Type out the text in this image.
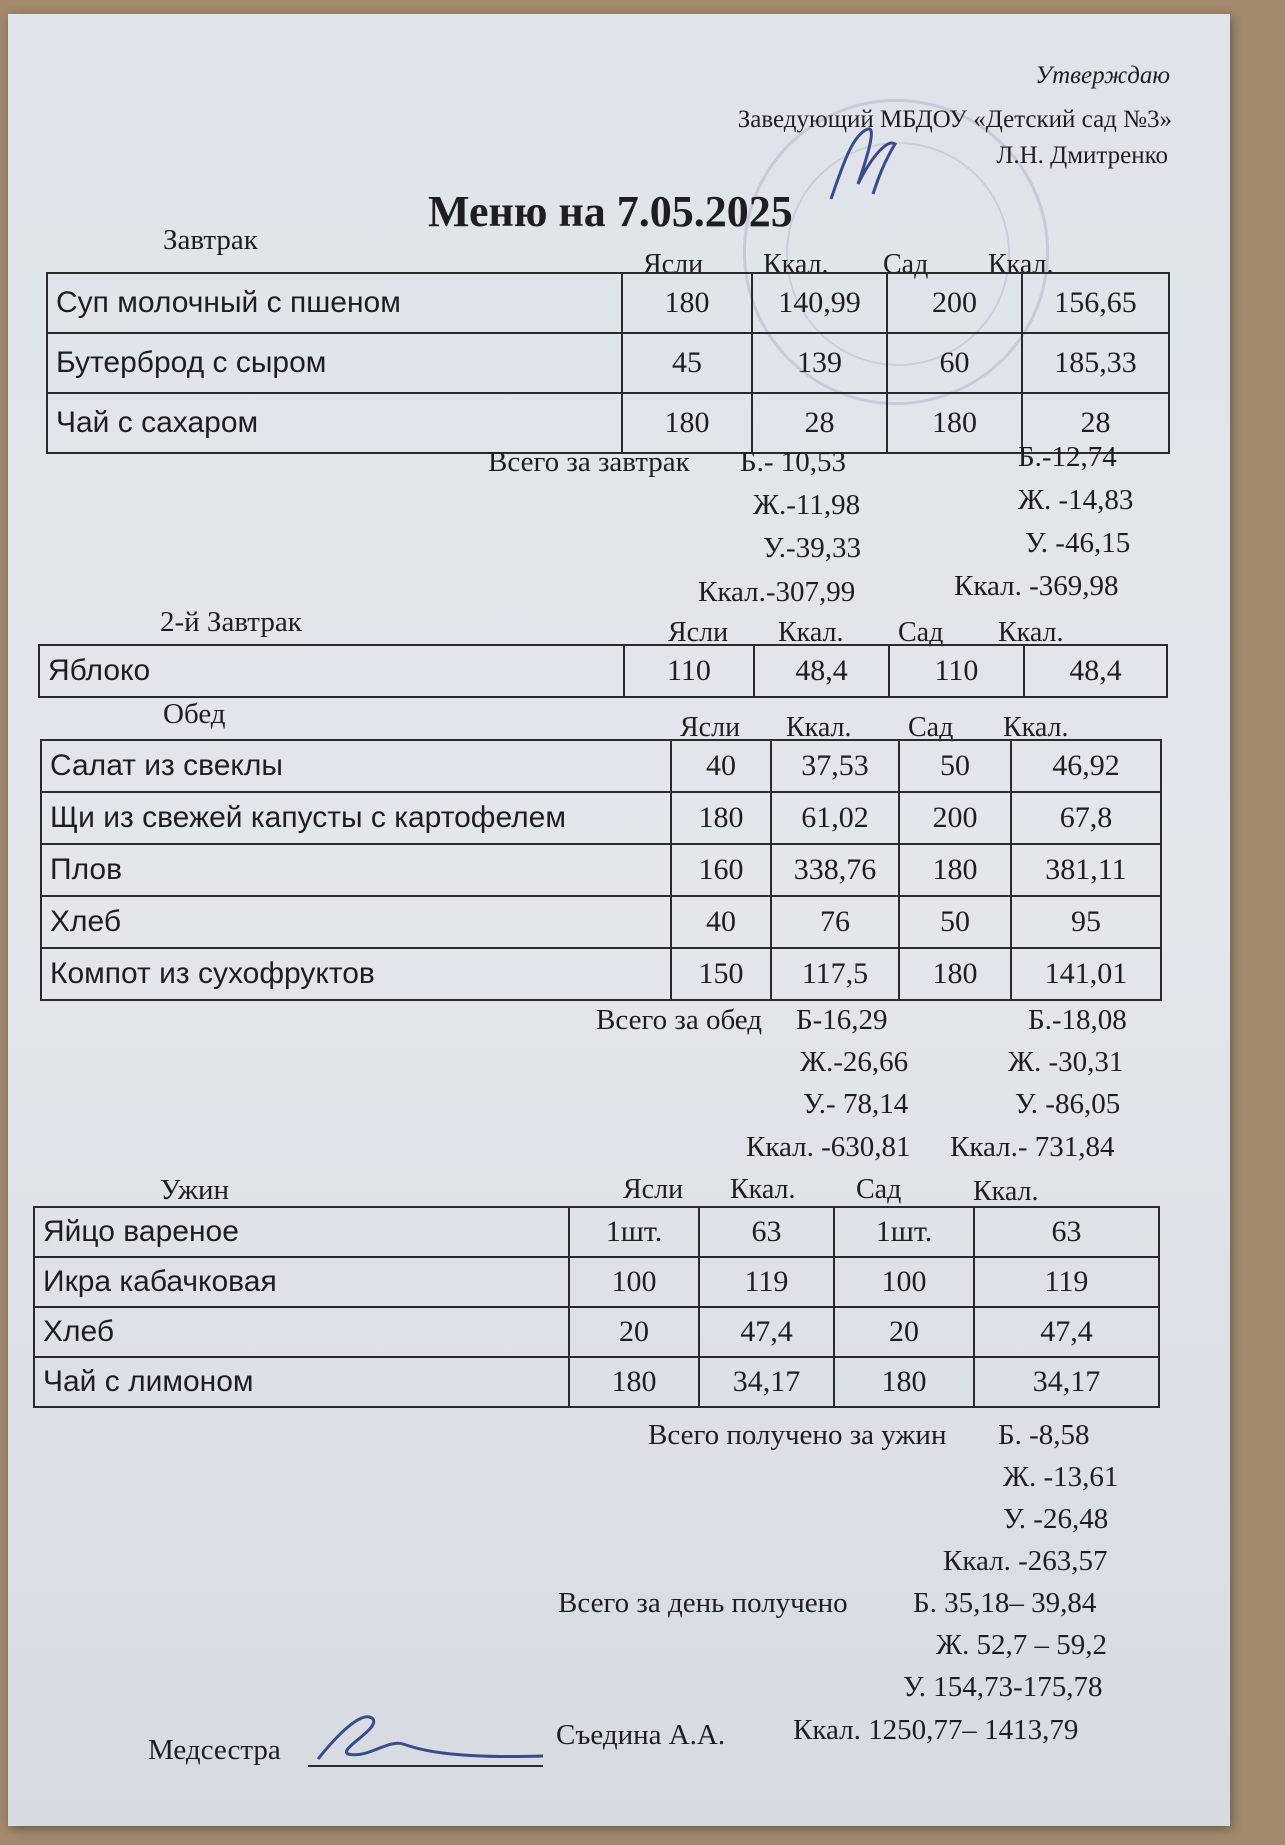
Утверждаю
Заведующий МБДОУ «Детский сад №3»
Л.Н. Дмитренко
Меню на 7.05.2025
Завтрак
Ясли Ккал. Сад Ккал.
Суп молочный с пшеном	180	140,99	200	156,65
Бутерброд с сыром	45	139	60	185,33
Чай с сахаром	180	28	180	28
Всего за завтрак Б.- 10,53	Б.-12,74
Ж.-11,98	Ж. -14,83
У.-39,33	У. -46,15
Ккал.-307,99	Ккал. -369,98
2-й Завтрак	Ясли Ккал. Сад Ккал.
Яблоко	110	48,4	110	48,4
Обед	Ясли Ккал. Сад Ккал.
Салат из свеклы	40	37,53	50	46,92
Щи из свежей капусты с картофелем	180	61,02	200	67,8
Плов	160	338,76	180	381,11
Хлеб	40	76	50	95
Компот из сухофруктов	150	117,5	180	141,01
Всего за обед Б-16,29	Б.-18,08
Ж.-26,66	Ж. -30,31
У.- 78,14	У. -86,05
Ккал. -630,81 Ккал.- 731,84
Ужин	Ясли Ккал. Сад	Ккал.
Яйцо вареное	1шт.	63	1шт.	63
Икра кабачковая	100	119	100	119
Хлеб	20	47,4	20	47,4
Чай с лимоном	180	34,17	180	34,17
Всего получено за ужин Б. -8,58
Ж. -13,61
У. -26,48
Ккал. -263,57
Всего за день получено Б. 35,18– 39,84
Ж. 52,7 – 59,2
У. 154,73-175,78
Ккал. 1250,77– 1413,79
Медсестра	Съедина А.А.
